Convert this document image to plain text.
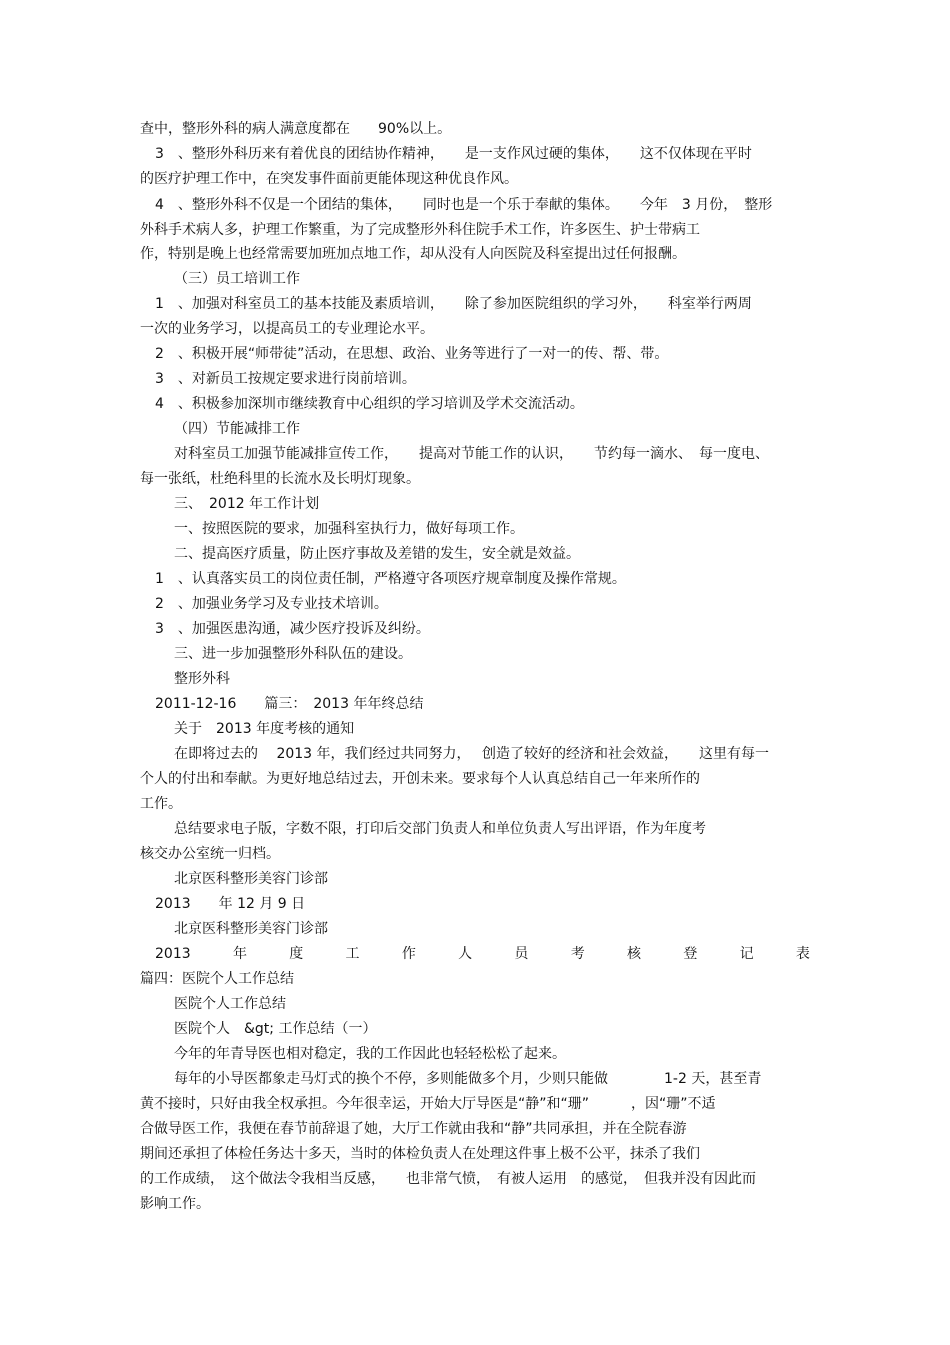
查中，整形外科的病人满意度都在　　90%以上。
3　、整形外科历来有着优良的团结协作精神，　　是一支作风过硬的集体，　　这不仅体现在平时
的医疗护理工作中，在突发事件面前更能体现这种优良作风。
4　、整形外科不仅是一个团结的集体，　　同时也是一个乐于奉献的集体。　　今年　3 月份，　整形
外科手术病人多，护理工作繁重，为了完成整形外科住院手术工作，许多医生、护士带病工
作，特别是晚上也经常需要加班加点地工作，却从没有人向医院及科室提出过任何报酬。
（三）员工培训工作
1　、加强对科室员工的基本技能及素质培训，　　除了参加医院组织的学习外，　　科室举行两周
一次的业务学习，以提高员工的专业理论水平。
2　、积极开展“师带徒”活动，在思想、政治、业务等进行了一对一的传、帮、带。
3　、对新员工按规定要求进行岗前培训。
4　、积极参加深圳市继续教育中心组织的学习培训及学术交流活动。
（四）节能减排工作
对科室员工加强节能减排宣传工作，　　提高对节能工作的认识，　　节约每一滴水、　每一度电、
每一张纸，杜绝科里的长流水及长明灯现象。
三、　2012 年工作计划
一、按照医院的要求，加强科室执行力，做好每项工作。
二、提高医疗质量，防止医疗事故及差错的发生，安全就是效益。
1　、认真落实员工的岗位责任制，严格遵守各项医疗规章制度及操作常规。
2　、加强业务学习及专业技术培训。
3　、加强医患沟通，减少医疗投诉及纠纷。
三、进一步加强整形外科队伍的建设。
整形外科
2011-12-16　　篇三：　2013 年年终总结
关于　2013 年度考核的通知
在即将过去的　 2013 年，我们经过共同努力，　 创造了较好的经济和社会效益，　　这里有每一
个人的付出和奉献。为更好地总结过去，开创未来。要求每个人认真总结自己一年来所作的
工作。
总结要求电子版，字数不限，打印后交部门负责人和单位负责人写出评语，作为年度考
核交办公室统一归档。
北京医科整形美容门诊部
2013　　年 12 月 9 日
北京医科整形美容门诊部
2013	年	度	工	作	人	员	考	核	登	记	表
篇四：医院个人工作总结
医院个人工作总结
医院个人　&gt; 工作总结（一）
今年的年青导医也相对稳定，我的工作因此也轻轻松松了起来。
每年的小导医都象走马灯式的换个不停，多则能做多个月，少则只能做　　　　1-2 天，甚至青
黄不接时，只好由我全权承担。今年很幸运，开始大厅导医是“静”和“珊”　　　，因“珊”不适
合做导医工作，我便在春节前辞退了她，大厅工作就由我和“静”共同承担，并在全院春游
期间还承担了体检任务达十多天，当时的体检负责人在处理这件事上极不公平，抹杀了我们
的工作成绩，　这个做法令我相当反感，　　也非常气愤，　有被人运用　的感觉，　但我并没有因此而
影响工作。
